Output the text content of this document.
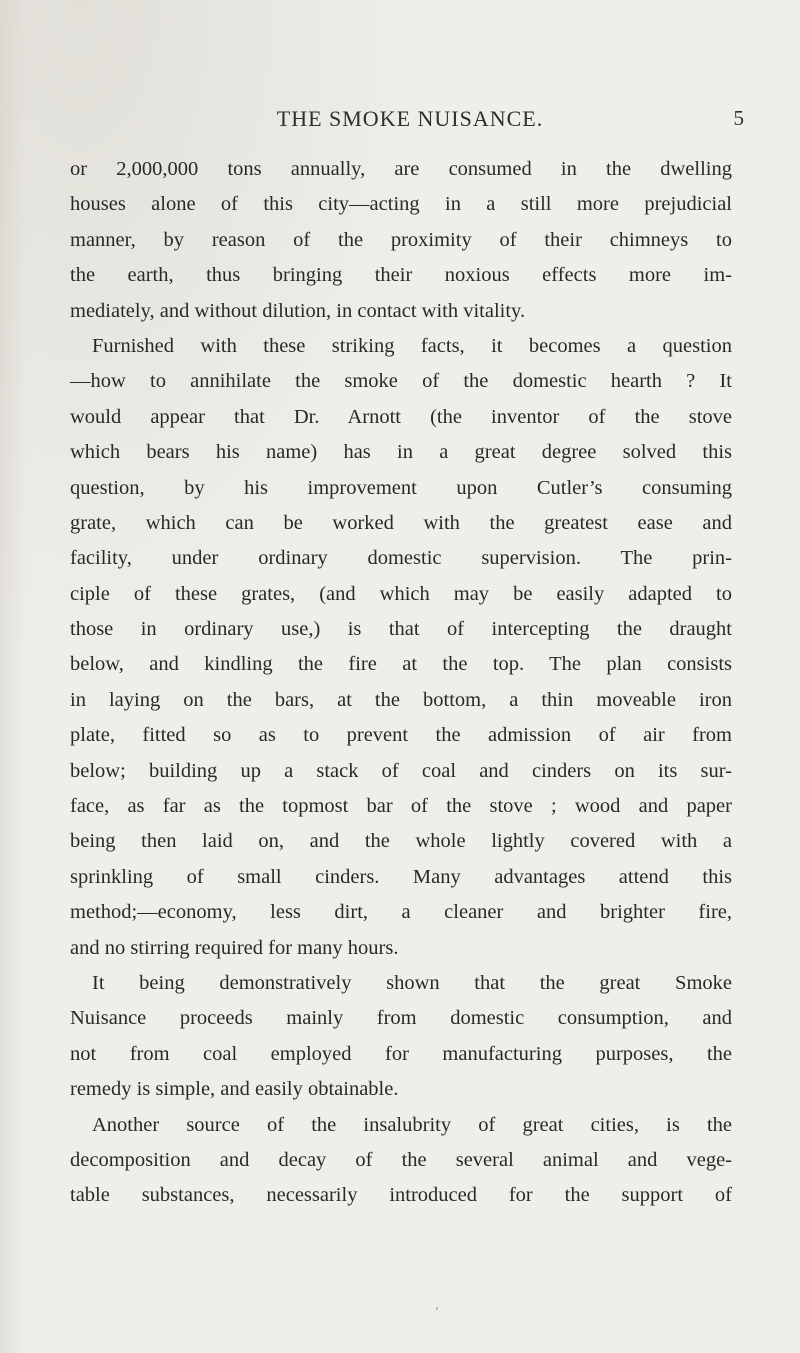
THE SMOKE NUISANCE.	5
or 2,000,000 tons annually, are consumed in the dwelling
houses alone of this city—acting in a still more prejudicial
manner, by reason of the proximity of their chimneys to
the earth, thus bringing their noxious effects more im-
mediately, and without dilution, in contact with vitality.
Furnished with these striking facts, it becomes a question
—how to annihilate the smoke of the domestic hearth ? It
would appear that Dr. Arnott (the inventor of the stove
which bears his name) has in a great degree solved this
question, by his improvement upon Cutler’s consuming
grate, which can be worked with the greatest ease and
facility, under ordinary domestic supervision. The prin-
ciple of these grates, (and which may be easily adapted to
those in ordinary use,) is that of intercepting the draught
below, and kindling the fire at the top. The plan consists
in laying on the bars, at the bottom, a thin moveable iron
plate, fitted so as to prevent the admission of air from
below; building up a stack of coal and cinders on its sur-
face, as far as the topmost bar of the stove ; wood and paper
being then laid on, and the whole lightly covered with a
sprinkling of small cinders. Many advantages attend this
method;—economy, less dirt, a cleaner and brighter fire,
and no stirring required for many hours.
It being demonstratively shown that the great Smoke
Nuisance proceeds mainly from domestic consumption, and
not from coal employed for manufacturing purposes, the
remedy is simple, and easily obtainable.
Another source of the insalubrity of great cities, is the
decomposition and decay of the several animal and vege-
table substances, necessarily introduced for the support of
